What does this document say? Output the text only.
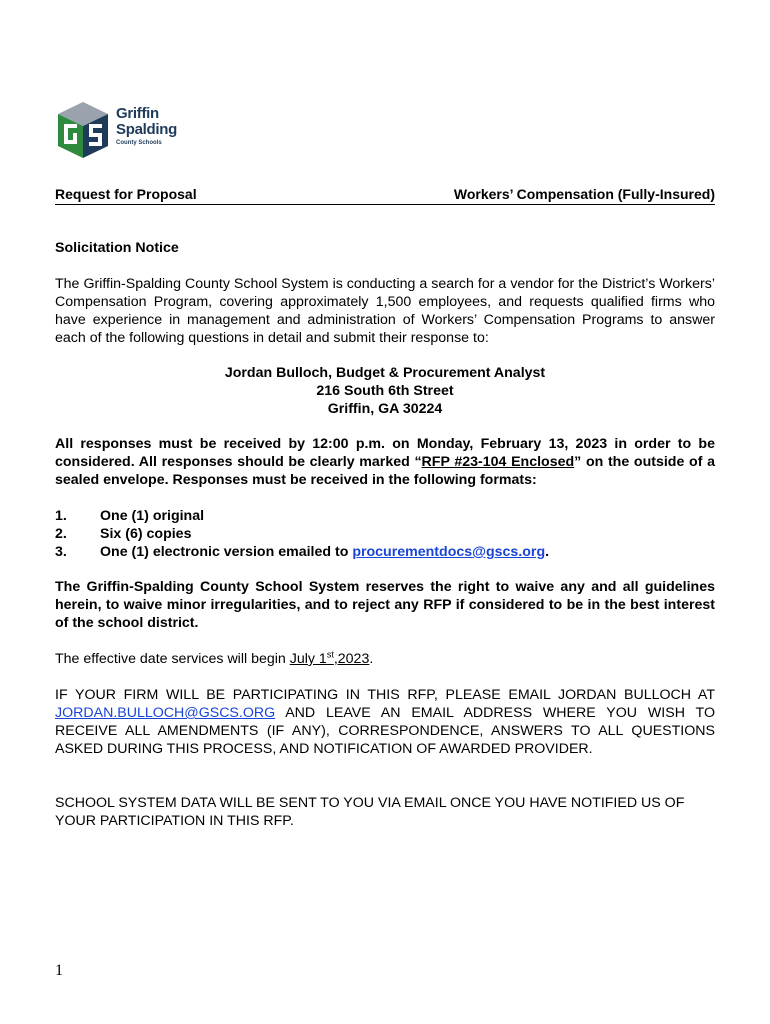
Griffin
Spalding
County Schools
Request for Proposal	Workers’ Compensation (Fully-Insured)
Solicitation Notice
The Griffin-Spalding County School System is conducting a search for a vendor for the District’s Workers’ Compensation Program, covering approximately 1,500 employees, and requests qualified firms who have experience in management and administration of Workers’ Compensation Programs to answer each of the following questions in detail and submit their response to:
Jordan Bulloch, Budget & Procurement Analyst
216 South 6th Street
Griffin, GA 30224
All responses must be received by 12:00 p.m. on Monday, February 13, 2023 in order to be considered. All responses should be clearly marked “RFP #23-104 Enclosed” on the outside of a sealed envelope. Responses must be received in the following formats:
1. One (1) original
2. Six (6) copies
3. One (1) electronic version emailed to procurementdocs@gscs.org.
The Griffin-Spalding County School System reserves the right to waive any and all guidelines herein, to waive minor irregularities, and to reject any RFP if considered to be in the best interest of the school district.
The effective date services will begin July 1st,2023.
IF YOUR FIRM WILL BE PARTICIPATING IN THIS RFP, PLEASE EMAIL JORDAN BULLOCH AT JORDAN.BULLOCH@GSCS.ORG AND LEAVE AN EMAIL ADDRESS WHERE YOU WISH TO RECEIVE ALL AMENDMENTS (IF ANY), CORRESPONDENCE, ANSWERS TO ALL QUESTIONS ASKED DURING THIS PROCESS, AND NOTIFICATION OF AWARDED PROVIDER.
SCHOOL SYSTEM DATA WILL BE SENT TO YOU VIA EMAIL ONCE YOU HAVE NOTIFIED US OF YOUR PARTICIPATION IN THIS RFP.
1
